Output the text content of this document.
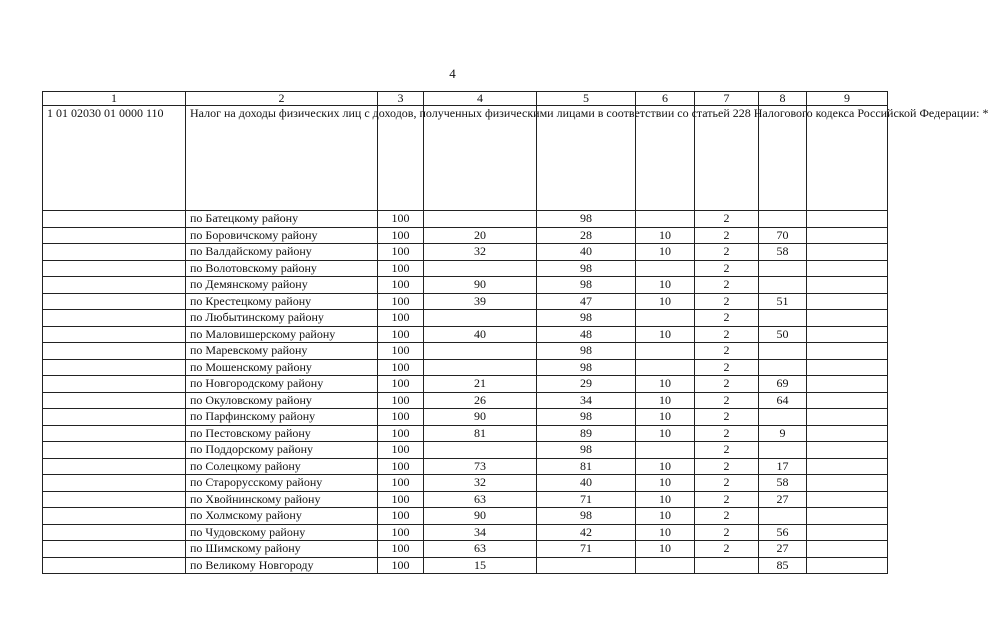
4
1	2	3	4	5	6	7	8	9
1 01 02030 01 0000 110	Налог на доходы физических лиц с доходов, полученных физическими лицами в соответствии со статьей 228 Налогового кодекса Российской Федерации: *							
	по Батецкому району	100		98		2		
	по Боровичскому району	100	20	28	10	2	70	
	по Валдайскому району	100	32	40	10	2	58	
	по Волотовскому району	100		98		2		
	по Демянскому району	100	90	98	10	2		
	по Крестецкому району	100	39	47	10	2	51	
	по Любытинскому району	100		98		2		
	по Маловишерскому району	100	40	48	10	2	50	
	по Маревскому району	100		98		2		
	по Мошенскому району	100		98		2		
	по Новгородскому району	100	21	29	10	2	69	
	по Окуловскому району	100	26	34	10	2	64	
	по Парфинскому району	100	90	98	10	2		
	по Пестовскому району	100	81	89	10	2	9	
	по Поддорскому району	100		98		2		
	по Солецкому району	100	73	81	10	2	17	
	по Старорусскому району	100	32	40	10	2	58	
	по Хвойнинскому району	100	63	71	10	2	27	
	по Холмскому району	100	90	98	10	2		
	по Чудовскому району	100	34	42	10	2	56	
	по Шимскому району	100	63	71	10	2	27	
	по Великому Новгороду	100	15				85	
